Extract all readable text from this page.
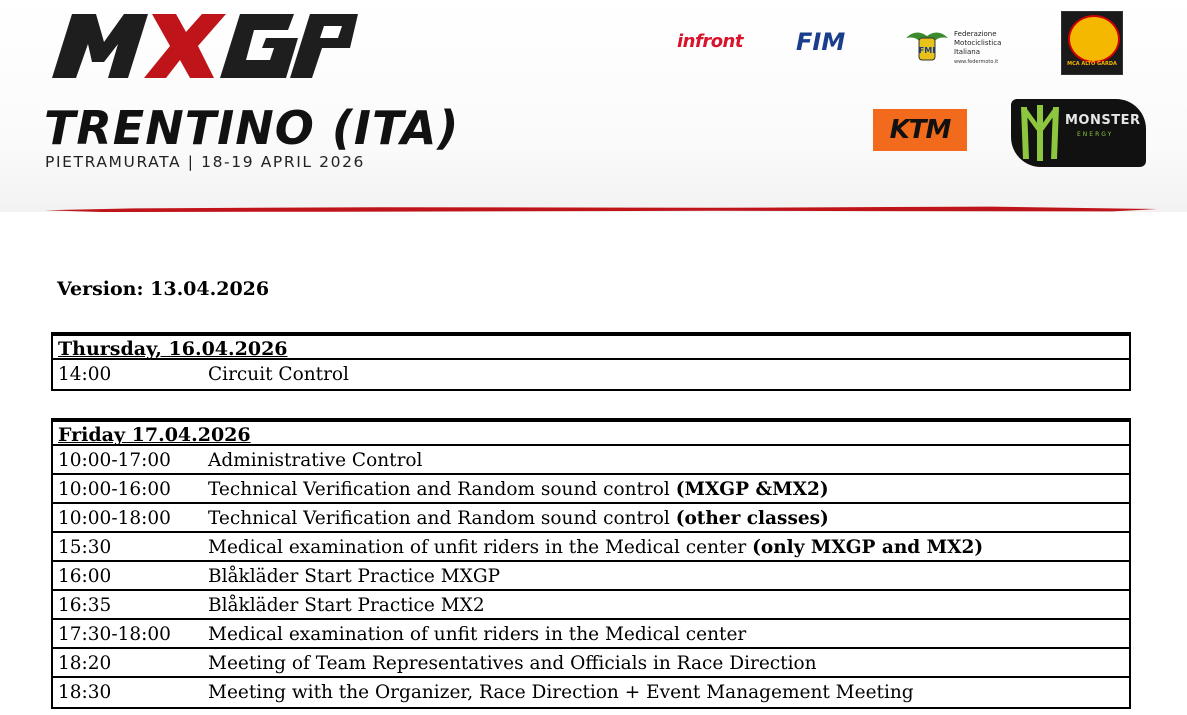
TRENTINO (ITA)
PIETRAMURATA | 18-19 APRIL 2026
infront FIM	FMI
Federazione
Motociclistica
Italiana
www.federmoto.it	MCA ALTO GARDA
KTM	MONSTER
ENERGY
Version: 13.04.2026
Thursday, 16.04.2026
14:00	Circuit Control
Friday 17.04.2026
10:00-17:00 Administrative Control
10:00-16:00 Technical Verification and Random sound control (MXGP &MX2)
10:00-18:00 Technical Verification and Random sound control (other classes)
15:30	Medical examination of unfit riders in the Medical center (only MXGP and MX2)
16:00	Blåkläder Start Practice MXGP
16:35	Blåkläder Start Practice MX2
17:30-18:00 Medical examination of unfit riders in the Medical center
18:20	Meeting of Team Representatives and Officials in Race Direction
18:30	Meeting with the Organizer, Race Direction + Event Management Meeting
